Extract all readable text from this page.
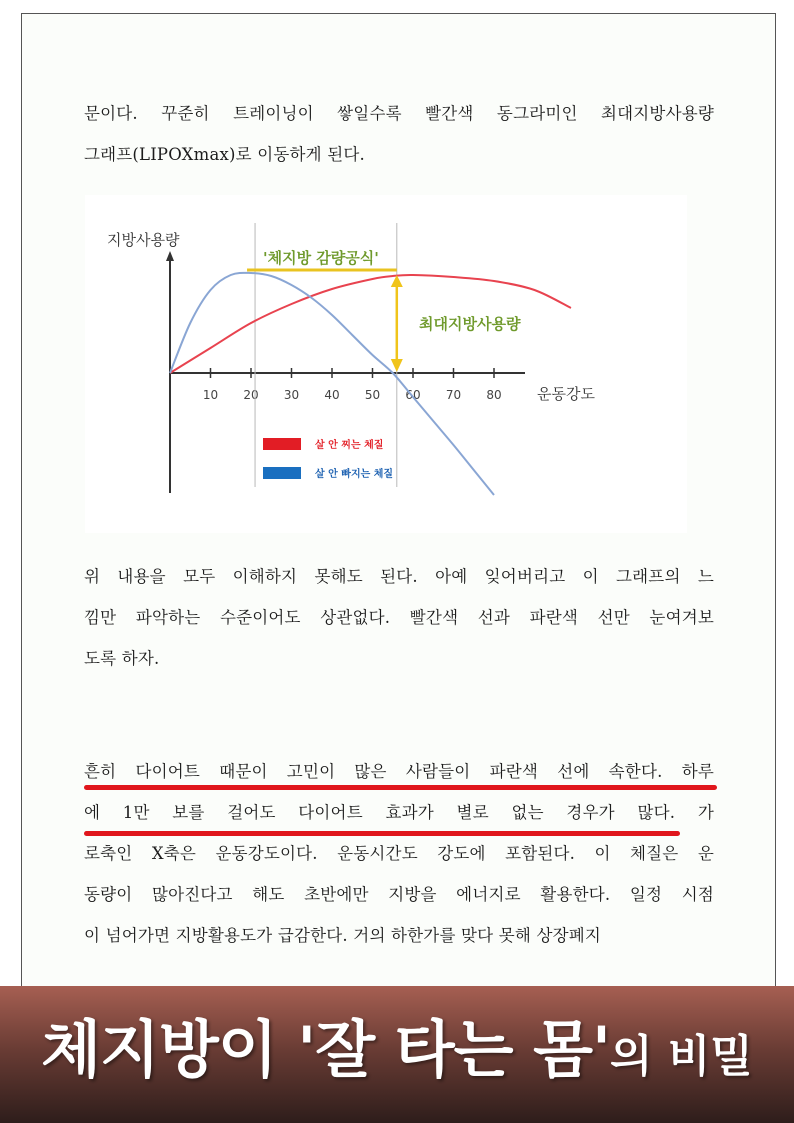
문이다. 꾸준히 트레이닝이 쌓일수록 빨간색 동그라미인 최대지방사용량
그래프(LIPOXmax)로 이동하게 된다.

지방사용량
운동강도
10 20 30 40 50 60 70 80
'체지방 감량공식'
최대지방사용량
살 안 찌는 체질
살 안 빠지는 체질

위 내용을 모두 이해하지 못해도 된다. 아예 잊어버리고 이 그래프의 느
낌만 파악하는 수준이어도 상관없다. 빨간색 선과 파란색 선만 눈여겨보
도록 하자.

흔히 다이어트 때문이 고민이 많은 사람들이 파란색 선에 속한다. 하루
에 1만 보를 걸어도 다이어트 효과가 별로 없는 경우가 많다. 가
로축인 X축은 운동강도이다. 운동시간도 강도에 포함된다. 이 체질은 운
동량이 많아진다고 해도 초반에만 지방을 에너지로 활용한다. 일정 시점
이 넘어가면 지방활용도가 급감한다. 거의 하한가를 맞다 못해 상장폐지

체지방이 '잘 타는 몸'의 비밀
